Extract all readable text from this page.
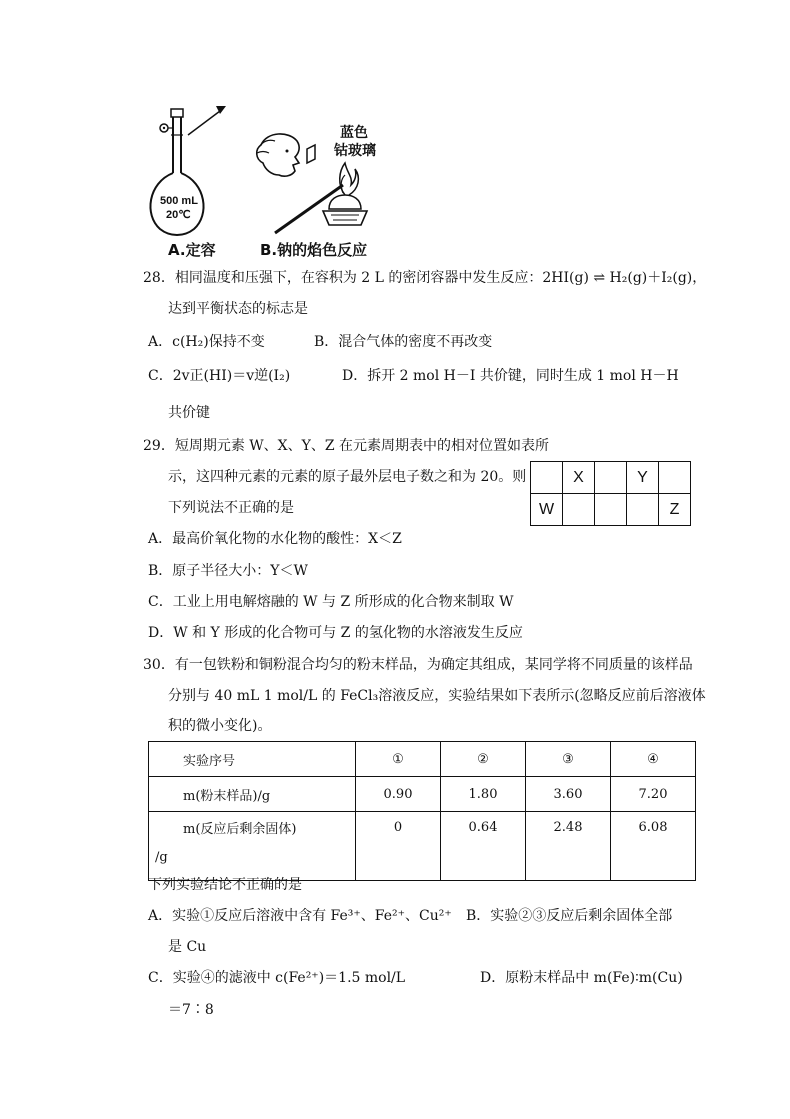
500 mL
20℃
A.定容
蓝色
钴玻璃
B.钠的焰色反应
28．相同温度和压强下，在容积为 2 L 的密闭容器中发生反应：2HI(g) ⇌ H₂(g)＋I₂(g)，
达到平衡状态的标志是
A．c(H₂)保持不变	B．混合气体的密度不再改变
C．2v正(HI)＝v逆(I₂)	D．拆开 2 mol H－I 共价键，同时生成 1 mol H－H
共价键
29．短周期元素 W、X、Y、Z 在元素周期表中的相对位置如表所
示，这四种元素的元素的原子最外层电子数之和为 20。则
下列说法不正确的是
	X		Y	
W				Z
A．最高价氧化物的水化物的酸性：X＜Z
B．原子半径大小：Y＜W
C．工业上用电解熔融的 W 与 Z 所形成的化合物来制取 W
D．W 和 Y 形成的化合物可与 Z 的氢化物的水溶液发生反应
30．有一包铁粉和铜粉混合均匀的粉末样品，为确定其组成，某同学将不同质量的该样品
分别与 40 mL 1 mol/L 的 FeCl₃溶液反应，实验结果如下表所示(忽略反应前后溶液体
积的微小变化)。
实验序号	①	②	③	④
m(粉末样品)/g	0.90	1.80	3.60	7.20

m(反应后剩余固体)
/g	0	0.64	2.48	6.08
下列实验结论不正确的是
A．实验①反应后溶液中含有 Fe³⁺、Fe²⁺、Cu²⁺ B．实验②③反应后剩余固体全部
是 Cu
C．实验④的滤液中 c(Fe²⁺)＝1.5 mol/L	D．原粉末样品中 m(Fe)∶m(Cu)
＝7∶8
